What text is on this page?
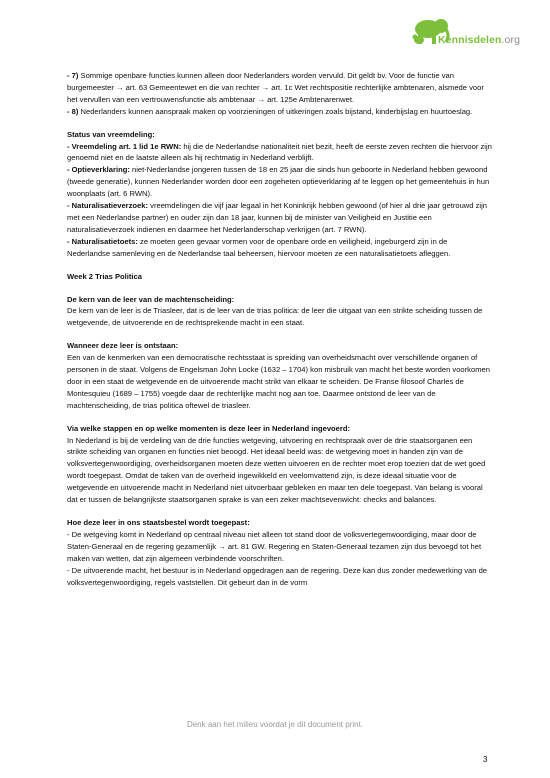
Kennisdelen.org

- 7) Sommige openbare functies kunnen alleen door Nederlanders worden vervuld. Dit geldt bv. Voor de functie van burgemeester → art. 63 Gemeentewet en die van rechter → art. 1c Wet rechtspositie rechterlijke ambtenaren, alsmede voor het vervullen van een vertrouwensfunctie als ambtenaar → art. 125e Ambtenarenwet.

- 8) Nederlanders kunnen aanspraak maken op voorzieningen of uitkeringen zoals bijstand, kinderbijslag en huurtoeslag.

Status van vreemdeling:

- Vreemdeling art. 1 lid 1e RWN: hij die de Nederlandse nationaliteit niet bezit, heeft de eerste zeven rechten die hiervoor zijn genoemd niet en de laatste alleen als hij rechtmatig in Nederland verblijft.

- Optieverklaring: niet-Nederlandse jongeren tussen de 18 en 25 jaar die sinds hun geboorte in Nederland hebben gewoond (tweede generatie), kunnen Nederlander worden door een zogeheten optieverklaring af te leggen op het gemeentehuis in hun woonplaats (art. 6 RWN).

- Naturalisatieverzoek: vreemdelingen die vijf jaar legaal in het Koninkrijk hebben gewoond (of hier al drie jaar getrouwd zijn met een Nederlandse partner) en ouder zijn dan 18 jaar, kunnen bij de minister van Veiligheid en Justitie een naturalisatieverzoek indienen en daarmee het Nederlanderschap verkrijgen (art. 7 RWN).

- Naturalisatietoets: ze moeten geen gevaar vormen voor de openbare orde en veiligheid, ingeburgerd zijn in de Nederlandse samenleving en de Nederlandse taal beheersen, hiervoor moeten ze een naturalisatietoets afleggen.

Week 2 Trias Politica

De kern van de leer van de machtenscheiding:

De kern van de leer is de Triasleer, dat is de leer van de trias politica: de leer die uitgaat van een strikte scheiding tussen de wetgevende, de uitvoerende en de rechtsprekende macht in een staat.

Wanneer deze leer is ontstaan:

Een van de kenmerken van een democratische rechtsstaat is spreiding van overheidsmacht over verschillende organen of personen in de staat. Volgens de Engelsman John Locke (1632 – 1704) kon misbruik van macht het beste worden voorkomen door in een staat de wetgevende en de uitvoerende macht strikt van elkaar te scheiden. De Franse filosoof Charles de Montesquieu (1689 – 1755) voegde daar de rechterlijke macht nog aan toe. Daarmee ontstond de leer van de machtenscheiding, de trias politica oftewel de triasleer.

Via welke stappen en op welke momenten is deze leer in Nederland ingevoerd:

In Nederland is bij de verdeling van de drie functies wetgeving, uitvoering en rechtspraak over de drie staatsorganen een strikte scheiding van organen en functies niet beoogd. Het ideaal beeld was: de wetgeving moet in handen zijn van de volksvertegenwoordiging, overheidsorganen moeten deze wetten uitvoeren en de rechter moet erop toezien dat de wet goed wordt toegepast. Omdat de taken van de overheid ingewikkeld en veelomvattend zijn, is deze ideaal situatie voor de wetgevende en uitvoerende macht in Nederland niet uitvoerbaar gebleken en maar ten dele toegepast. Van belang is vooral dat er tussen de belangrijkste staatsorganen sprake is van een zeker machtsevenwicht: checks and balances.

Hoe deze leer in ons staatsbestel wordt toegepast:

- De wetgeving komt in Nederland op centraal niveau niet alleen tot stand door de volksvertegenwoordiging, maar door de Staten-Generaal en de regering gezamenlijk → art. 81 GW. Regering en Staten-Generaal tezamen zijn dus bevoegd tot het maken van wetten, dat zijn algemeen verbindende voorschriften.

- De uitvoerende macht, het bestuur is in Nederland opgedragen aan de regering. Deze kan dus zonder medewerking van de volksvertegenwoordiging, regels vaststellen. Dit gebeurt dan in de vorm

Denk aan het milieu voordat je dit document print.
3
